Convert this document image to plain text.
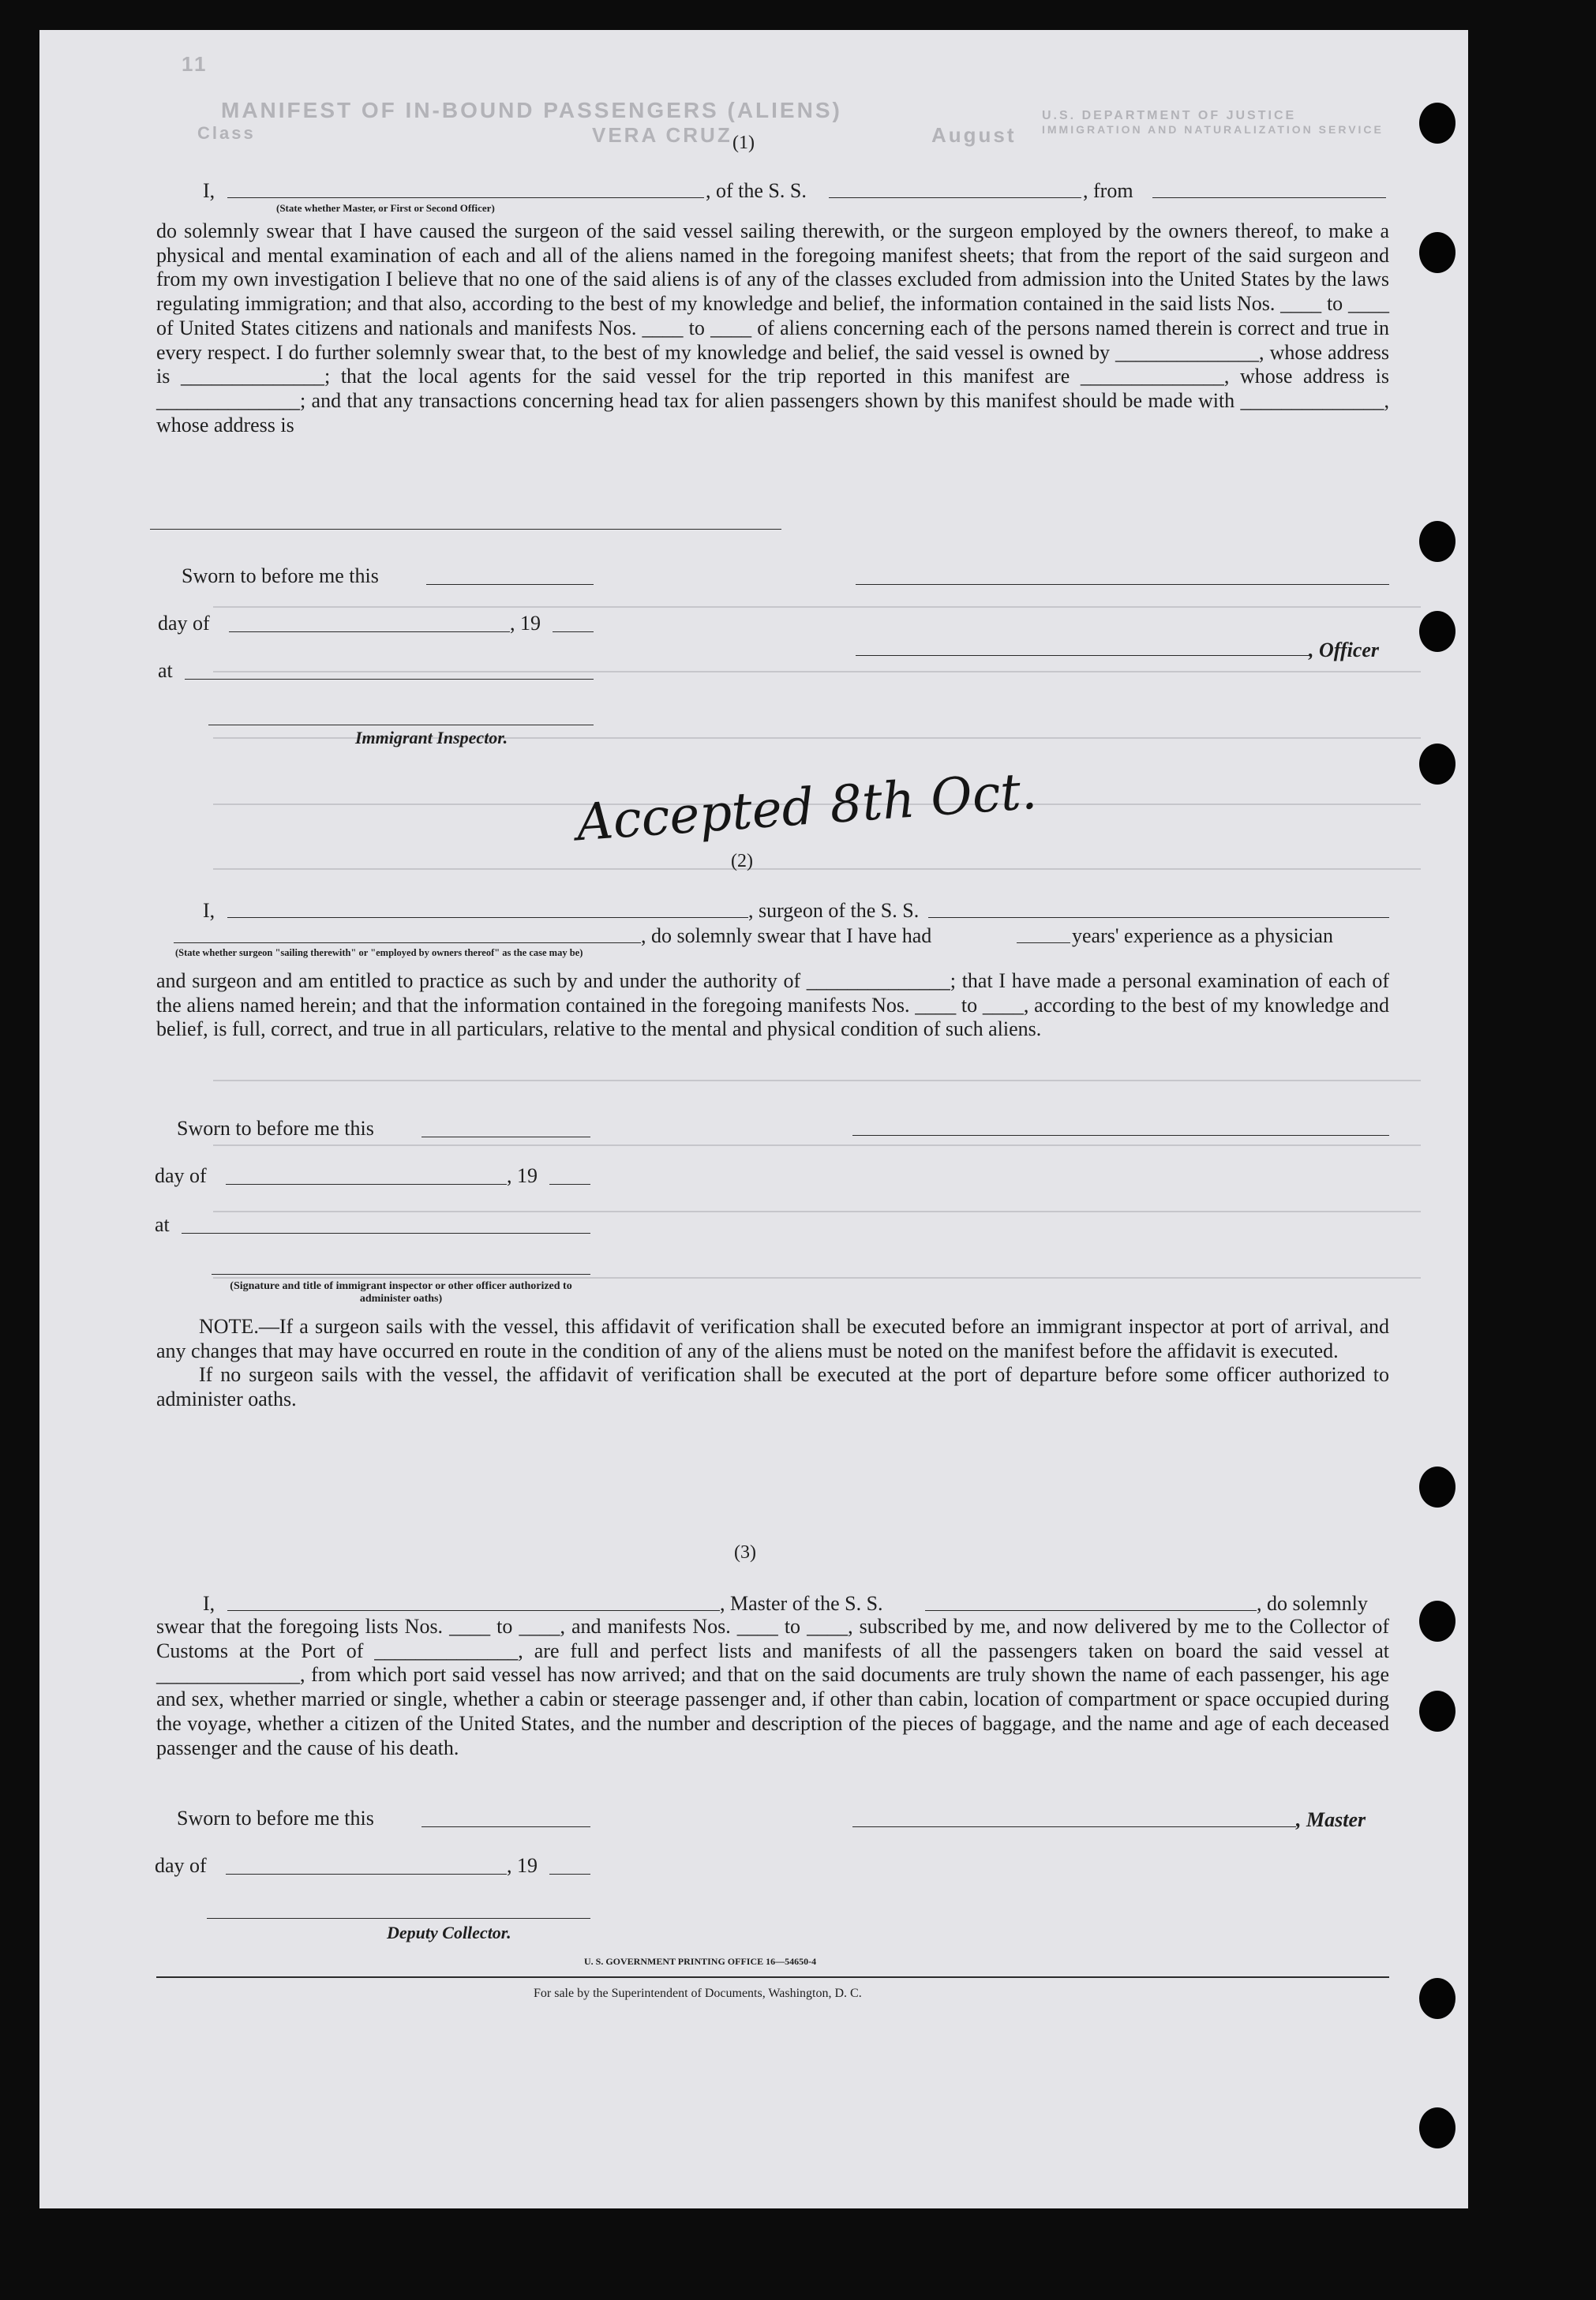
11
MANIFEST OF IN-BOUND PASSENGERS (ALIENS)
Class	VERA CRUZ	August
U.S. DEPARTMENT OF JUSTICE
IMMIGRATION AND NATURALIZATION SERVICE
(1)
I,	, of the S. S.	, from
(State whether Master, or First or Second Officer)

do solemnly swear that I have caused the surgeon of the said vessel sailing therewith, or the surgeon employed by the owners thereof, to make a physical and mental examination of each and all of the aliens named in the foregoing manifest sheets; that from the report of the said surgeon and from my own investigation I believe that no one of the said aliens is of any of the classes excluded from admission into the United States by the laws regulating immigration; and that also, according to the best of my knowledge and belief, the information contained in the said lists Nos. ____ to ____ of United States citizens and nationals and manifests Nos. ____ to ____ of aliens concerning each of the persons named therein is correct and true in every respect. I do further solemnly swear that, to the best of my knowledge and belief, the said vessel is owned by ______________, whose address is ______________; that the local agents for the said vessel for the trip reported in this manifest are ______________, whose address is ______________; and that any transactions concerning head tax for alien passengers shown by this manifest should be made with ______________, whose address is

Sworn to before me this
day of	, 19
, Officer
at
Immigrant Inspector.
Accepted 8th Oct.
(2)
I,	, surgeon of the S. S.
, do solemnly swear that I have had	years' experience as a physician
(State whether surgeon "sailing therewith" or "employed by owners thereof" as the case may be)

and surgeon and am entitled to practice as such by and under the authority of ______________; that I have made a personal examination of each of the aliens named herein; and that the information contained in the foregoing manifests Nos. ____ to ____, according to the best of my knowledge and belief, is full, correct, and true in all particulars, relative to the mental and physical condition of such aliens.

Sworn to before me this
day of	, 19
at
(Signature and title of immigrant inspector or other officer authorized to administer oaths)

NOTE.—If a surgeon sails with the vessel, this affidavit of verification shall be executed before an immigrant inspector at port of arrival, and any changes that may have occurred en route in the condition of any of the aliens must be noted on the manifest before the affidavit is executed.

If no surgeon sails with the vessel, the affidavit of verification shall be executed at the port of departure before some officer authorized to administer oaths.

(3)
I,	, Master of the S. S.	, do solemnly

swear that the foregoing lists Nos. ____ to ____, and manifests Nos. ____ to ____, subscribed by me, and now delivered by me to the Collector of Customs at the Port of ______________, are full and perfect lists and manifests of all the passengers taken on board the said vessel at ______________, from which port said vessel has now arrived; and that on the said documents are truly shown the name of each passenger, his age and sex, whether married or single, whether a cabin or steerage passenger and, if other than cabin, location of compartment or space occupied during the voyage, whether a citizen of the United States, and the number and description of the pieces of baggage, and the name and age of each deceased passenger and the cause of his death.

Sworn to before me this	, Master
day of	, 19
Deputy Collector.
U. S. GOVERNMENT PRINTING OFFICE 16—54650-4
For sale by the Superintendent of Documents, Washington, D. C.
